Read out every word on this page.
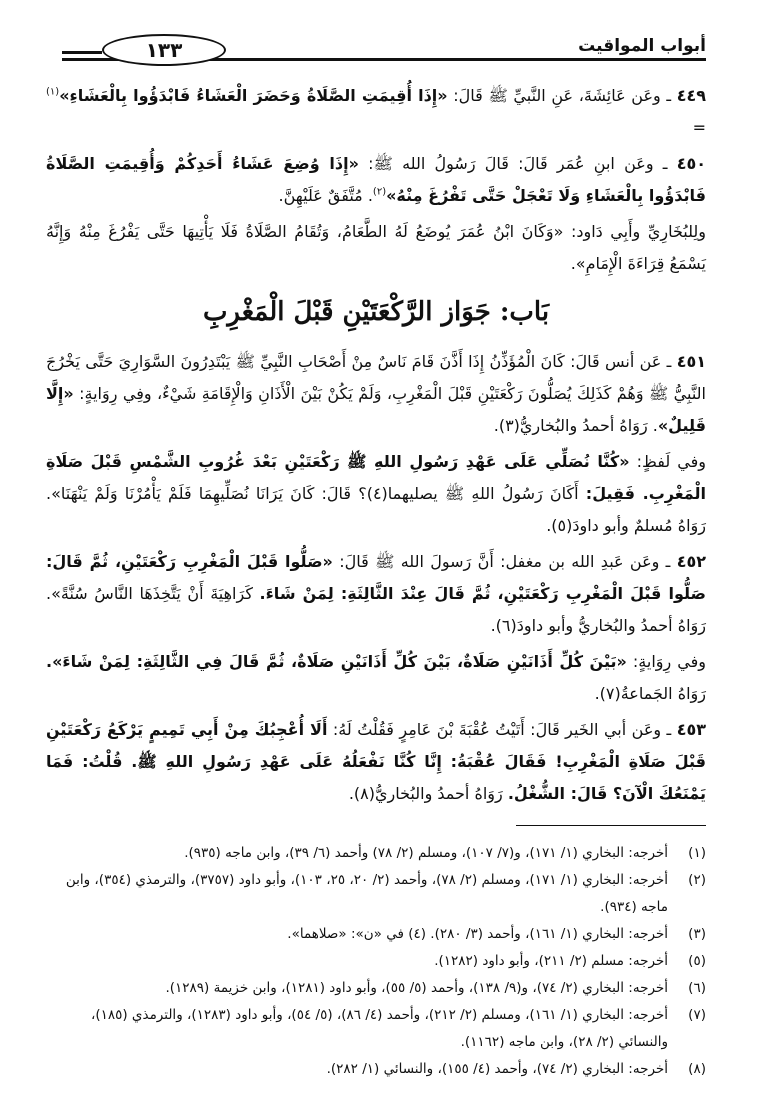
أبواب المواقيت
١٣٣

٤٤٩ ـ وعَن عَائِشَةَ، عَنِ النَّبيِّ ﷺ قَالَ: «إِذَا أُقِيمَتِ الصَّلَاةُ وَحَضَرَ الْعَشَاءُ فَابْدَؤُوا بِالْعَشَاءِ»$^{(١)}$ =

٤٥٠ ـ وعَن ابنِ عُمَر قَالَ: قَالَ رَسُولُ الله ﷺ: «إِذَا وُضِعَ عَشَاءُ أَحَدِكُمْ وَأُقِيمَتِ الصَّلَاةُ فَابْدَؤُوا بِالْعَشَاءِ وَلَا تَعْجَلْ حَتَّى تَفْرُغَ مِنْهُ»$^{(٢)}$. مُتَّفَقٌ عَلَيْهِنَّ.

ولِلبُخَارِيِّ وأَبِي دَاود: «وَكَانَ ابْنُ عُمَرَ يُوضَعُ لَهُ الطَّعَامُ، وَتُقَامُ الصَّلَاةُ فَلَا يَأْتِيهَا حَتَّى يَفْرُغَ مِنْهُ وَإِنَّهُ يَسْمَعُ قِرَاءَةَ الْإِمَامِ».

بَاب: جَوَاز الرَّكْعَتَيْنِ قَبْلَ الْمَغْرِبِ

٤٥١ ـ عَن أنس قَالَ: كَانَ الْمُؤَذِّنُ إِذَا أَذَّنَ قَامَ نَاسٌ مِنْ أَصْحَابِ النَّبِيِّ ﷺ يَبْتَدِرُونَ السَّوَارِيَ حَتَّى يَخْرُجَ النَّبِيُّ ﷺ وَهُمْ كَذَلِكَ يُصَلُّونَ رَكْعَتَيْنِ قَبْلَ الْمَغْرِبِ، وَلَمْ يَكُنْ بَيْنَ الْأَذَانِ وَالْإِقَامَةِ شَيْءٌ، وفِي رِوَايةٍ: «إِلَّا قَلِيلٌ». رَوَاهُ أحمدُ والبُخاريُّ(٣).

وفي لَفظٍ: «كُنَّا نُصَلِّي عَلَى عَهْدِ رَسُولِ اللهِ ﷺ رَكْعَتَيْنِ بَعْدَ غُرُوبِ الشَّمْسِ قَبْلَ صَلَاةِ الْمَغْرِبِ. فَقِيلَ: أَكَانَ رَسُولُ اللهِ ﷺ يصليهما(٤)؟ قَالَ: كَانَ يَرَانَا نُصَلِّيهِمَا فَلَمْ يَأْمُرْنَا وَلَمْ يَنْهَنَا». رَوَاهُ مُسلمٌ وأبو داودَ(٥).

٤٥٢ ـ وعَن عَبدِ الله بن مغفل: أَنَّ رَسولَ الله ﷺ قَالَ: «صَلُّوا قَبْلَ الْمَغْرِبِ رَكْعَتَيْنِ، ثُمَّ قَالَ: صَلُّوا قَبْلَ الْمَغْرِبِ رَكْعَتَيْنِ، ثُمَّ قَالَ عِنْدَ الثَّالِثَةِ: لِمَنْ شَاءَ. كَرَاهِيَةَ أَنْ يَتَّخِذَهَا النَّاسُ سُنَّةً». رَوَاهُ أحمدُ والبُخاريُّ وأبو داودَ(٦).

وفي رِوَايةٍ: «بَيْنَ كُلِّ أَذَانَيْنِ صَلَاةٌ، بَيْنَ كُلِّ أَذَانَيْنِ صَلَاةٌ، ثُمَّ قَالَ فِي الثَّالِثَةِ: لِمَنْ شَاءَ». رَوَاهُ الجَماعةُ(٧).

٤٥٣ ـ وعَن أبي الخَير قَالَ: أَتَيْتُ عُقْبَةَ بْنَ عَامِرٍ فَقُلْتُ لَهُ: أَلَا أُعْجِبُكَ مِنْ أَبِي تَمِيمٍ يَرْكَعُ رَكْعَتَيْنِ قَبْلَ صَلَاةِ الْمَغْرِبِ! فَقَالَ عُقْبَةُ: إِنَّا كُنَّا نَفْعَلُهُ عَلَى عَهْدِ رَسُولِ اللهِ ﷺ. قُلْتُ: فَمَا يَمْنَعُكَ الْآنَ؟ قَالَ: الشُّغْلُ. رَوَاهُ أحمدُ والبُخاريُّ(٨).

(١)
أخرجه: البخاري (١/ ١٧١)، و(٧/ ١٠٧)، ومسلم (٢/ ٧٨) وأحمد (٦/ ٣٩)، وابن ماجه (٩٣٥).
(٢)
أخرجه: البخاري (١/ ١٧١)، ومسلم (٢/ ٧٨)، وأحمد (٢/ ٢٠، ٢٥، ١٠٣)، وأبو داود (٣٧٥٧)، والترمذي (٣٥٤)، وابن ماجه (٩٣٤).
(٣)
أخرجه: البخاري (١/ ١٦١)، وأحمد (٣/ ٢٨٠). (٤) في «ن»: «صلاهما».
(٥)
أخرجه: مسلم (٢/ ٢١١)، وأبو داود (١٢٨٢).
(٦)
أخرجه: البخاري (٢/ ٧٤)، و(٩/ ١٣٨)، وأحمد (٥/ ٥٥)، وأبو داود (١٢٨١)، وابن خزيمة (١٢٨٩).
(٧)
أخرجه: البخاري (١/ ١٦١)، ومسلم (٢/ ٢١٢)، وأحمد (٤/ ٨٦)، (٥/ ٥٤)، وأبو داود (١٢٨٣)، والترمذي (١٨٥)، والنسائي (٢/ ٢٨)، وابن ماجه (١١٦٢).
(٨)
أخرجه: البخاري (٢/ ٧٤)، وأحمد (٤/ ١٥٥)، والنسائي (١/ ٢٨٢).
